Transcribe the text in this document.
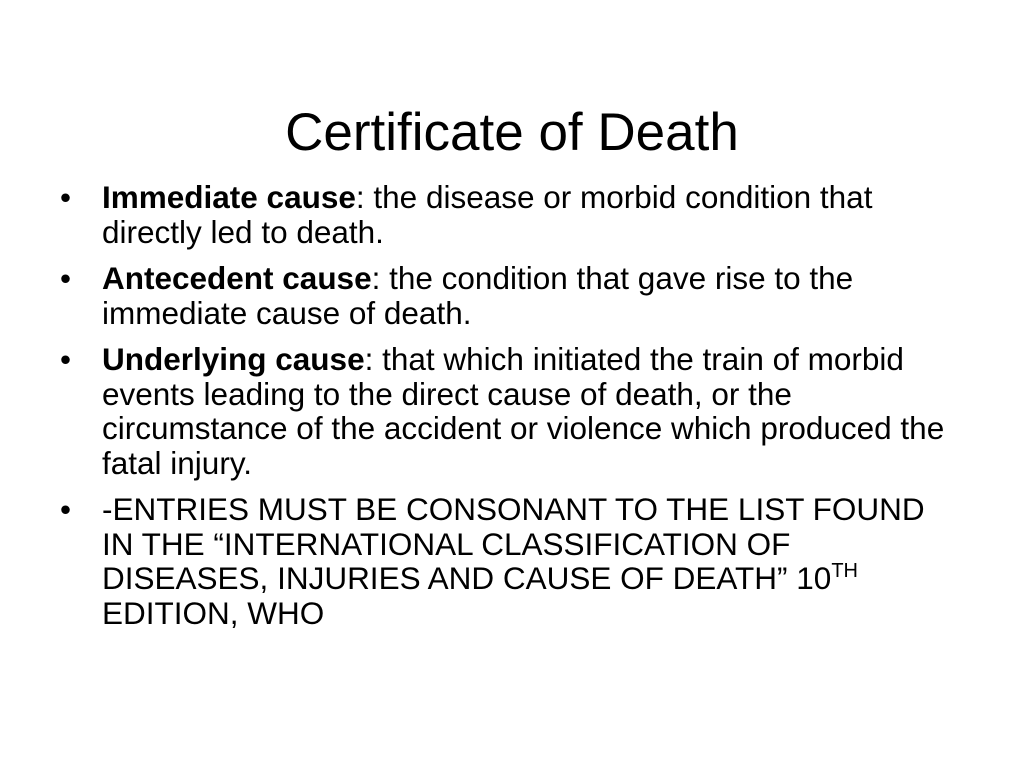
Certificate of Death
• Immediate cause: the disease or morbid condition that directly led to death.
• Antecedent cause: the condition that gave rise to the immediate cause of death.
• Underlying cause: that which initiated the train of morbid events leading to the direct cause of death, or the circumstance of the accident or violence which produced the fatal injury.
• -ENTRIES MUST BE CONSONANT TO THE LIST FOUND IN THE “INTERNATIONAL CLASSIFICATION OF DISEASES, INJURIES AND CAUSE OF DEATH” 10TH EDITION, WHO
